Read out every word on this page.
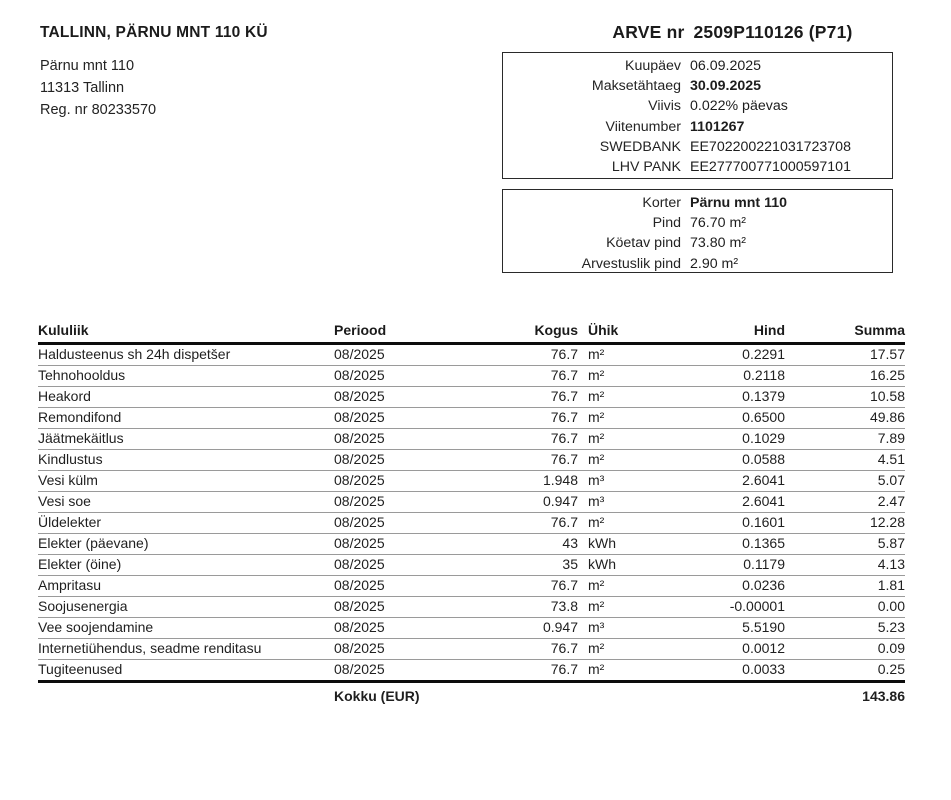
TALLINN, PÄRNU MNT 110 KÜ
Pärnu mnt 110
11313 Tallinn
Reg. nr 80233570
ARVE nr 2509P110126 (P71)
Kuupäev 06.09.2025
Maksetähtaeg 30.09.2025
Viivis 0.022% päevas
Viitenumber 1101267
SWEDBANK EE702200221031723708
LHV PANK EE277700771000597101
Korter Pärnu mnt 110
Pind 76.70 m²
Köetav pind 73.80 m²
Arvestuslik pind 2.90 m²
Kululiik	Periood	Kogus	Ühik	Hind	Summa
Haldusteenus sh 24h dispetšer	08/2025	76.7	m²	0.2291	17.57
Tehnohooldus	08/2025	76.7	m²	0.2118	16.25
Heakord	08/2025	76.7	m²	0.1379	10.58
Remondifond	08/2025	76.7	m²	0.6500	49.86
Jäätmekäitlus	08/2025	76.7	m²	0.1029	7.89
Kindlustus	08/2025	76.7	m²	0.0588	4.51
Vesi külm	08/2025	1.948	m³	2.6041	5.07
Vesi soe	08/2025	0.947	m³	2.6041	2.47
Üldelekter	08/2025	76.7	m²	0.1601	12.28
Elekter (päevane)	08/2025	43	kWh	0.1365	5.87
Elekter (öine)	08/2025	35	kWh	0.1179	4.13
Ampritasu	08/2025	76.7	m²	0.0236	1.81
Soojusenergia	08/2025	73.8	m²	-0.00001	0.00
Vee soojendamine	08/2025	0.947	m³	5.5190	5.23
Internetiühendus, seadme renditasu	08/2025	76.7	m²	0.0012	0.09
Tugiteenused	08/2025	76.7	m²	0.0033	0.25
	Kokku (EUR)				143.86
